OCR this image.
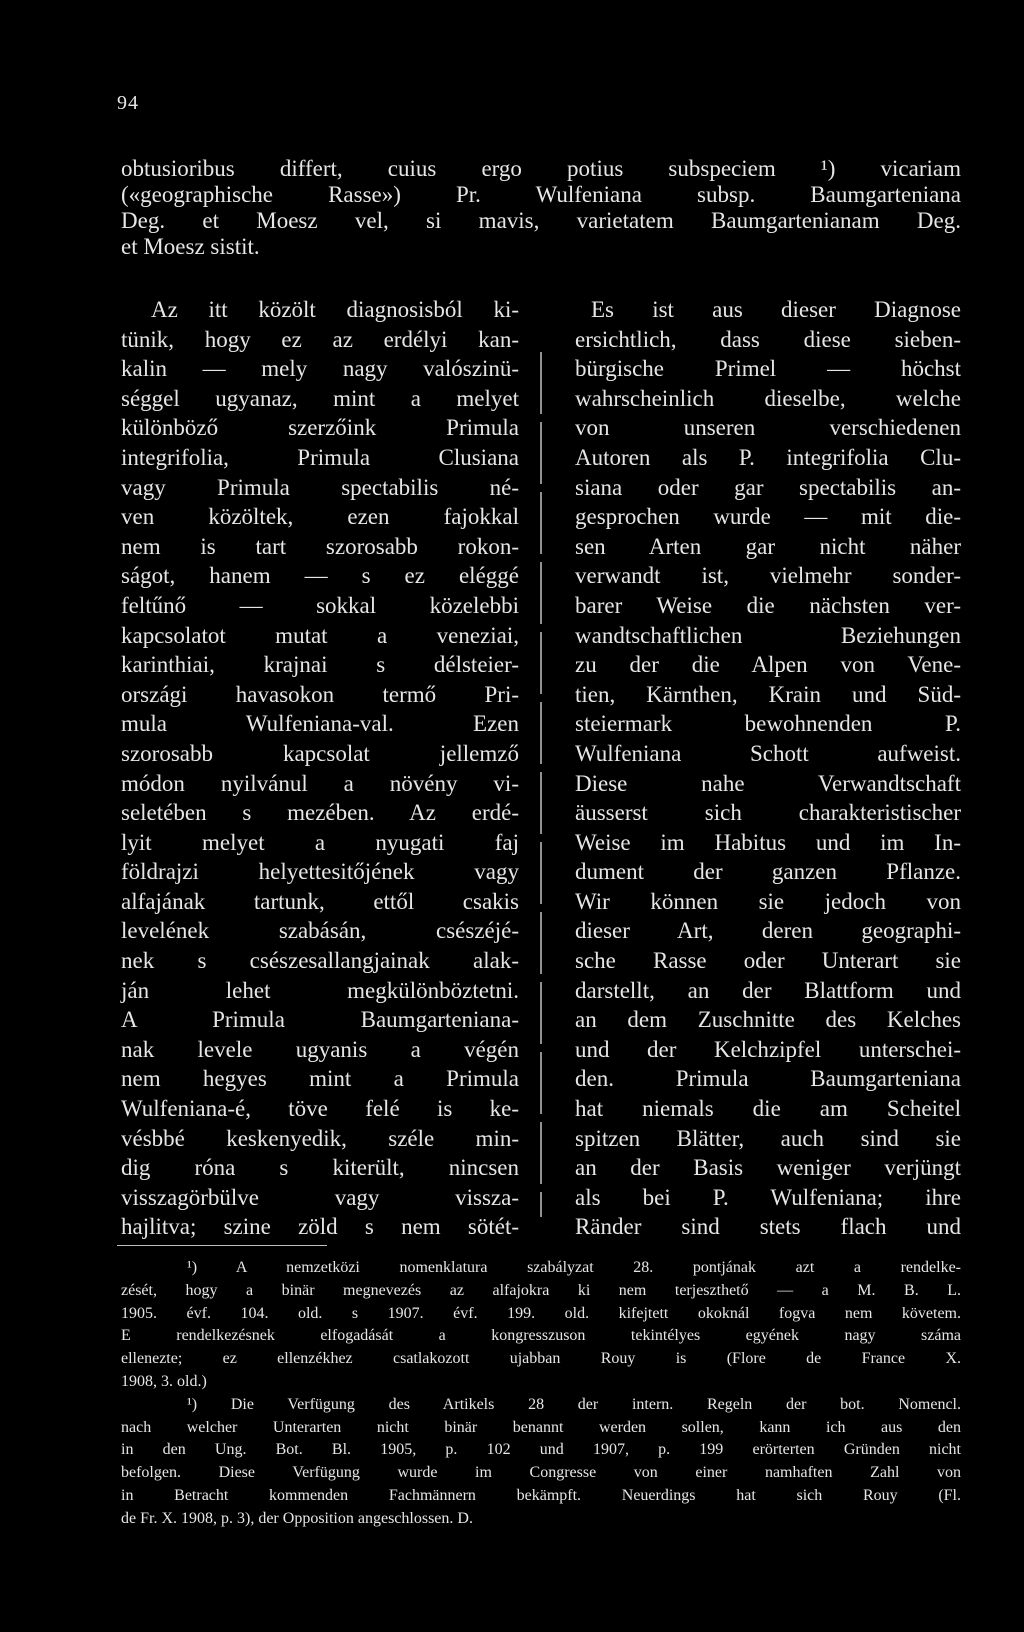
94
obtusioribus differt, cuius ergo potius subspeciem ¹) vicariam
(«geographische Rasse») Pr. Wulfeniana subsp. Baumgarteniana
Deg. et Moesz vel, si mavis, varietatem Baumgartenianam Deg.
et Moesz sistit.
Az itt közölt diagnosisból ki-
tünik, hogy ez az erdélyi kan-
kalin — mely nagy valószinü-
séggel ugyanaz, mint a melyet
különböző szerzőink Primula
integrifolia, Primula Clusiana
vagy Primula spectabilis né-
ven közöltek, ezen fajokkal
nem is tart szorosabb rokon-
ságot, hanem — s ez eléggé
feltűnő — sokkal közelebbi
kapcsolatot mutat a veneziai,
karinthiai, krajnai s délsteier-
országi havasokon termő Pri-
mula Wulfeniana-val. Ezen
szorosabb kapcsolat jellemző
módon nyilvánul a növény vi-
seletében s mezében. Az erdé-
lyit melyet a nyugati faj
földrajzi helyettesitőjének vagy
alfajának tartunk, ettől csakis
levelének szabásán, csészéjé-
nek s csészesallangjainak alak-
ján lehet megkülönböztetni.
A Primula Baumgarteniana-
nak levele ugyanis a végén
nem hegyes mint a Primula
Wulfeniana-é, töve felé is ke-
vésbbé keskenyedik, széle min-
dig róna s kiterült, nincsen
visszagörbülve vagy vissza-
hajlitva; szine zöld s nem sötét-
Es ist aus dieser Diagnose
ersichtlich, dass diese sieben-
bürgische Primel — höchst
wahrscheinlich dieselbe, welche
von unseren verschiedenen
Autoren als P. integrifolia Clu-
siana oder gar spectabilis an-
gesprochen wurde — mit die-
sen Arten gar nicht näher
verwandt ist, vielmehr sonder-
barer Weise die nächsten ver-
wandtschaftlichen Beziehungen
zu der die Alpen von Vene-
tien, Kärnthen, Krain und Süd-
steiermark bewohnenden P.
Wulfeniana Schott aufweist.
Diese nahe Verwandtschaft
äusserst sich charakteristischer
Weise im Habitus und im In-
dument der ganzen Pflanze.
Wir können sie jedoch von
dieser Art, deren geographi-
sche Rasse oder Unterart sie
darstellt, an der Blattform und
an dem Zuschnitte des Kelches
und der Kelchzipfel unterschei-
den. Primula Baumgarteniana
hat niemals die am Scheitel
spitzen Blätter, auch sind sie
an der Basis weniger verjüngt
als bei P. Wulfeniana; ihre
Ränder sind stets flach und
¹) A nemzetközi nomenklatura szabályzat 28. pontjának azt a rendelke-
zését, hogy a binär megnevezés az alfajokra ki nem terjeszthető — a M. B. L.
1905. évf. 104. old. s 1907. évf. 199. old. kifejtett okoknál fogva nem követem.
E rendelkezésnek elfogadását a kongresszuson tekintélyes egyének nagy száma
ellenezte; ez ellenzékhez csatlakozott ujabban Rouy is (Flore de France X.
1908, 3. old.)
¹) Die Verfügung des Artikels 28 der intern. Regeln der bot. Nomencl.
nach welcher Unterarten nicht binär benannt werden sollen, kann ich aus den
in den Ung. Bot. Bl. 1905, p. 102 und 1907, p. 199 erörterten Gründen nicht
befolgen. Diese Verfügung wurde im Congresse von einer namhaften Zahl von
in Betracht kommenden Fachmännern bekämpft. Neuerdings hat sich Rouy (Fl.
de Fr. X. 1908, p. 3), der Opposition angeschlossen. D.
